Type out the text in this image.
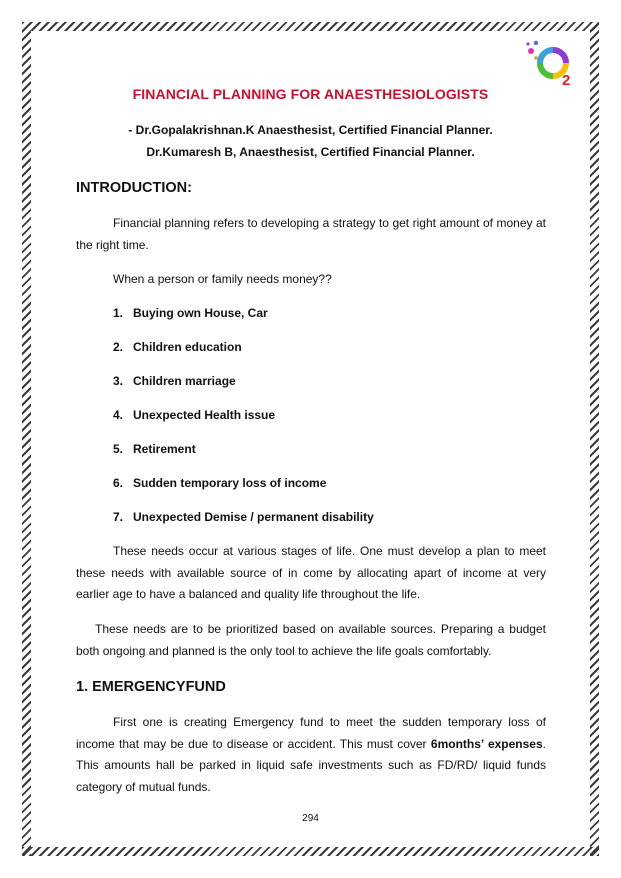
2
FINANCIAL PLANNING FOR ANAESTHESIOLOGISTS
- Dr.Gopalakrishnan.K Anaesthesist, Certified Financial Planner.
Dr.Kumaresh B, Anaesthesist, Certified Financial Planner.
INTRODUCTION:
Financial planning refers to developing a strategy to get right amount of money at the right time.
When a person or family needs money??
1. Buying own House, Car
2. Children education
3. Children marriage
4. Unexpected Health issue
5. Retirement
6. Sudden temporary loss of income
7. Unexpected Demise / permanent disability
These needs occur at various stages of life. One must develop a plan to meet these needs with available source of in come by allocating apart of income at very earlier age to have a balanced and quality life throughout the life.
These needs are to be prioritized based on available sources. Preparing a budget both ongoing and planned is the only tool to achieve the life goals comfortably.
1. EMERGENCYFUND
First one is creating Emergency fund to meet the sudden temporary loss of income that may be due to disease or accident. This must cover 6months’ expenses. This amounts hall be parked in liquid safe investments such as FD/RD/ liquid funds category of mutual funds.
294
